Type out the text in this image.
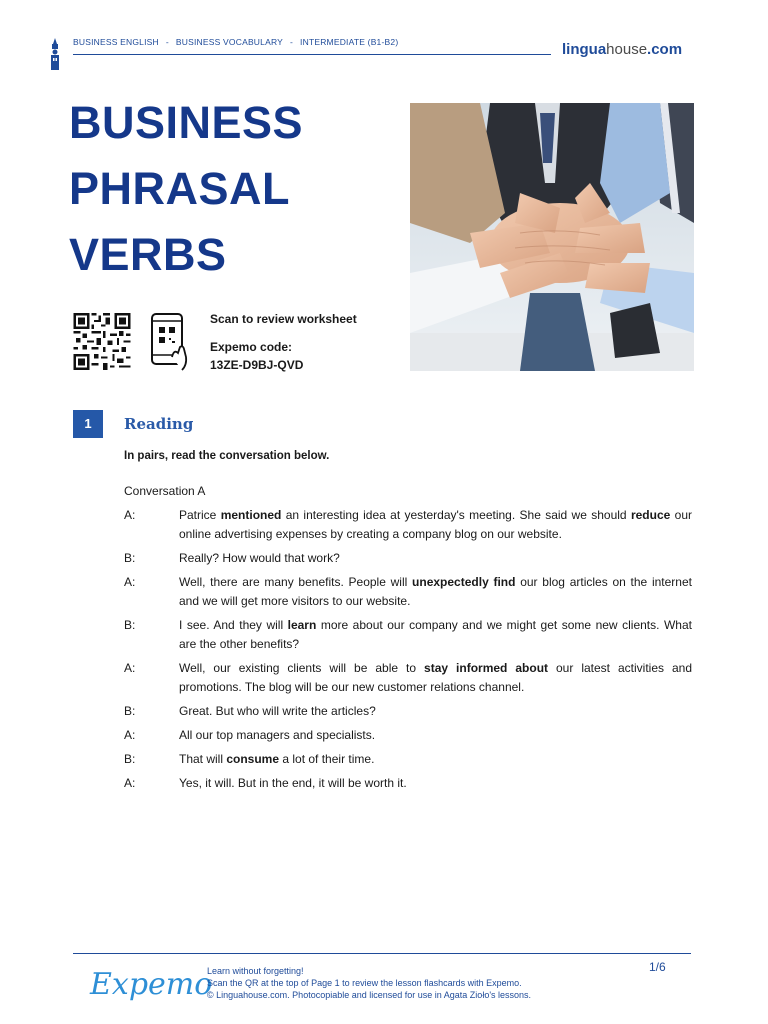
BUSINESS ENGLISH - BUSINESS VOCABULARY - INTERMEDIATE (B1-B2)	linguahouse.com
BUSINESS
PHRASAL
VERBS
Scan to review worksheet
Expemo code:
13ZE-D9BJ-QVD
1	Reading
In pairs, read the conversation below.
Conversation A
A:	Patrice mentioned an interesting idea at yesterday's meeting. She said we should reduce our online advertising expenses by creating a company blog on our website.
B:	Really? How would that work?
A:	Well, there are many benefits. People will unexpectedly find our blog articles on the internet and we will get more visitors to our website.
B:	I see. And they will learn more about our company and we might get some new clients. What are the other benefits?
A:	Well, our existing clients will be able to stay informed about our latest activities and promotions. The blog will be our new customer relations channel.
B:	Great. But who will write the articles?
A:	All our top managers and specialists.
B:	That will consume a lot of their time.
A:	Yes, it will. But in the end, it will be worth it.
Expemo
Learn without forgetting!
Scan the QR at the top of Page 1 to review the lesson flashcards with Expemo.
© Linguahouse.com. Photocopiable and licensed for use in Agata Zioło's lessons.
1/6
